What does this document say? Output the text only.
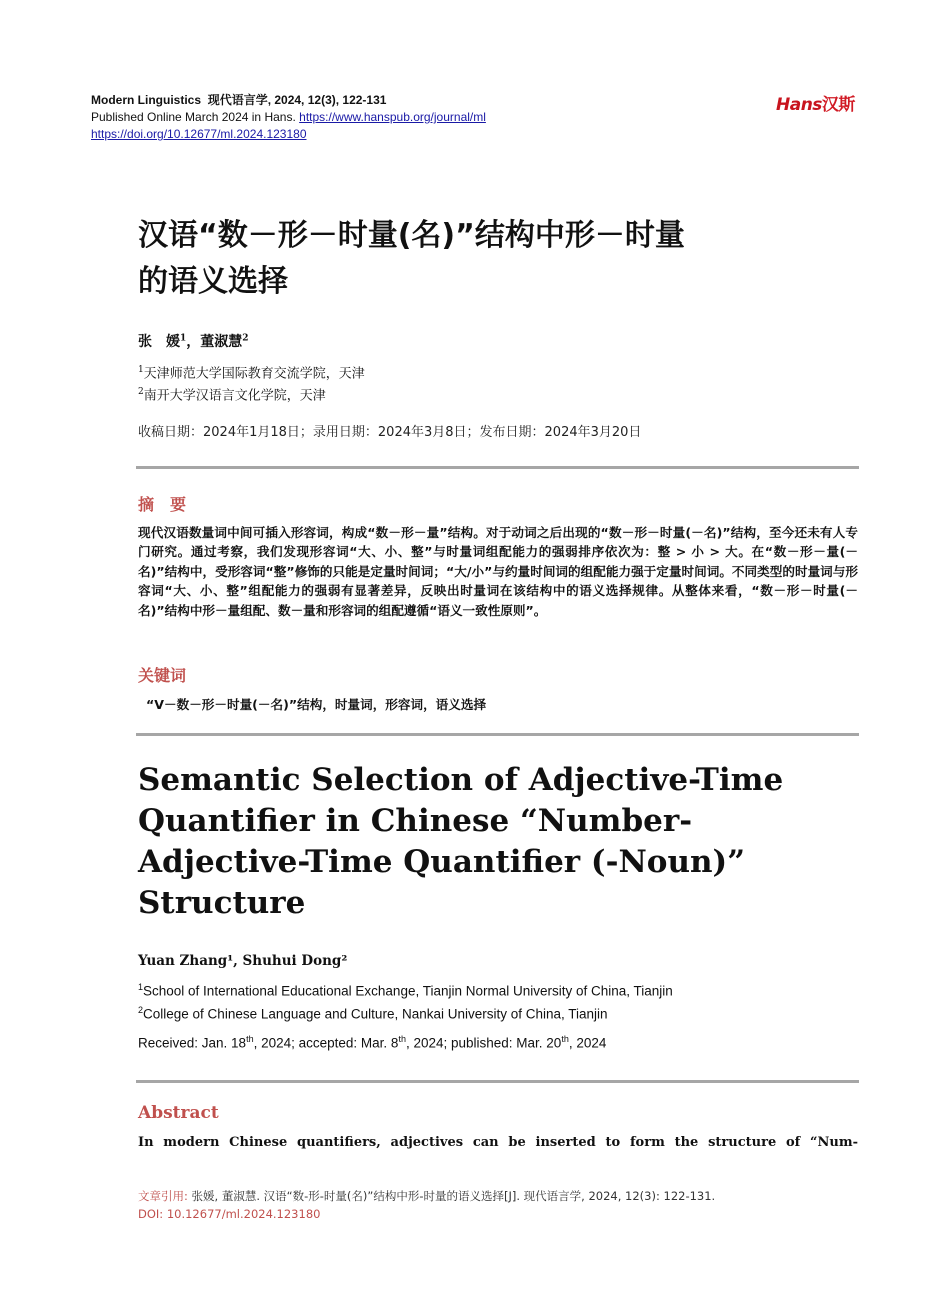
Modern Linguistics 现代语言学, 2024, 12(3), 122-131
Published Online March 2024 in Hans. https://www.hanspub.org/journal/ml
https://doi.org/10.12677/ml.2024.123180
Hans汉斯
汉语“数－形－时量(名)”结构中形－时量
的语义选择
张　媛$^1$，董淑慧$^2$
$^1$天津师范大学国际教育交流学院，天津
$^2$南开大学汉语言文化学院，天津
收稿日期：2024年1月18日；录用日期：2024年3月8日；发布日期：2024年3月20日
摘　要
现代汉语数量词中间可插入形容词，构成“数－形－量”结构。对于动词之后出现的“数－形－时量(－名)”结构，至今还未有人专门研究。通过考察，我们发现形容词“大、小、整”与时量词组配能力的强弱排序依次为：整 > 小 > 大。在“数－形－量(－名)”结构中，受形容词“整”修饰的只能是定量时间词；“大/小”与约量时间词的组配能力强于定量时间词。不同类型的时量词与形容词“大、小、整”组配能力的强弱有显著差异，反映出时量词在该结构中的语义选择规律。从整体来看，“数－形－时量(－名)”结构中形－量组配、数－量和形容词的组配遵循“语义一致性原则”。
关键词
“V－数－形－时量(－名)”结构，时量词，形容词，语义选择
Semantic Selection of Adjective-Time Quantifier in Chinese “Number-Adjective-Time Quantifier (-Noun)” Structure
Yuan Zhang¹, Shuhui Dong²
$^1$School of International Educational Exchange, Tianjin Normal University of China, Tianjin
$^2$College of Chinese Language and Culture, Nankai University of China, Tianjin
Received: Jan. 18th, 2024; accepted: Mar. 8th, 2024; published: Mar. 20th, 2024
Abstract
In modern Chinese quantifiers, adjectives can be inserted to form the structure of “Num-
文章引用: 张媛, 董淑慧. 汉语“数-形-时量(名)”结构中形-时量的语义选择[J]. 现代语言学, 2024, 12(3): 122-131.
DOI: 10.12677/ml.2024.123180
